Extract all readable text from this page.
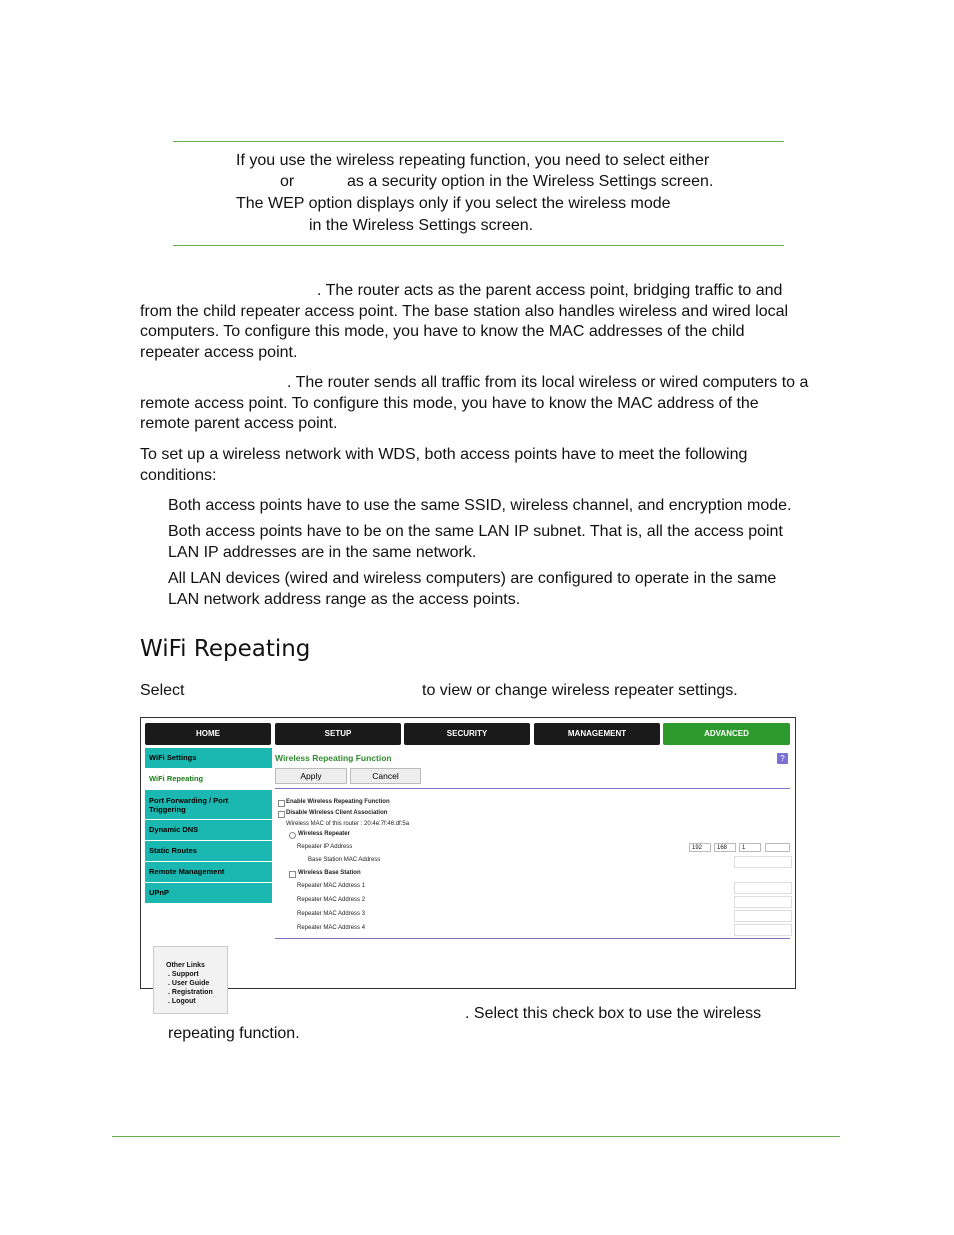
If you use the wireless repeating function, you need to select either
or	as a security option in the Wireless Settings screen.
The WEP option displays only if you select the wireless mode
in the Wireless Settings screen.

. The router acts as the parent access point, bridging traffic to and

from the child repeater access point. The base station also handles wireless and wired local

computers. To configure this mode, you have to know the MAC addresses of the child

repeater access point.

. The router sends all traffic from its local wireless or wired computers to a

remote access point. To configure this mode, you have to know the MAC address of the

remote parent access point.

To set up a wireless network with WDS, both access points have to meet the following

conditions:

Both access points have to use the same SSID, wireless channel, and encryption mode.
Both access points have to be on the same LAN IP subnet. That is, all the access point
LAN IP addresses are in the same network.
All LAN devices (wired and wireless computers) are configured to operate in the same
LAN network address range as the access points.
WiFi Repeating
Select	to view or change wireless repeater settings.
HOME	SETUP	SECURITY	MANAGEMENT	ADVANCED
WiFi Settings
WiFi Repeating
Port Forwarding / Port Triggering
Dynamic DNS
Static Routes
Remote Management
UPnP
Other Links
. Support
. User Guide
. Registration
. Logout
Wireless Repeating Function	?
Apply	Cancel
Enable Wireless Repeating Function
Disable Wireless Client Association
Wireless MAC of this router : 20:4e:7f:46:df:5a
Wireless Repeater
Repeater IP Address	192	168	1
Base Station MAC Address
Wireless Base Station
Repeater MAC Address 1
Repeater MAC Address 2
Repeater MAC Address 3
Repeater MAC Address 4
. Select this check box to use the wireless
repeating function.
